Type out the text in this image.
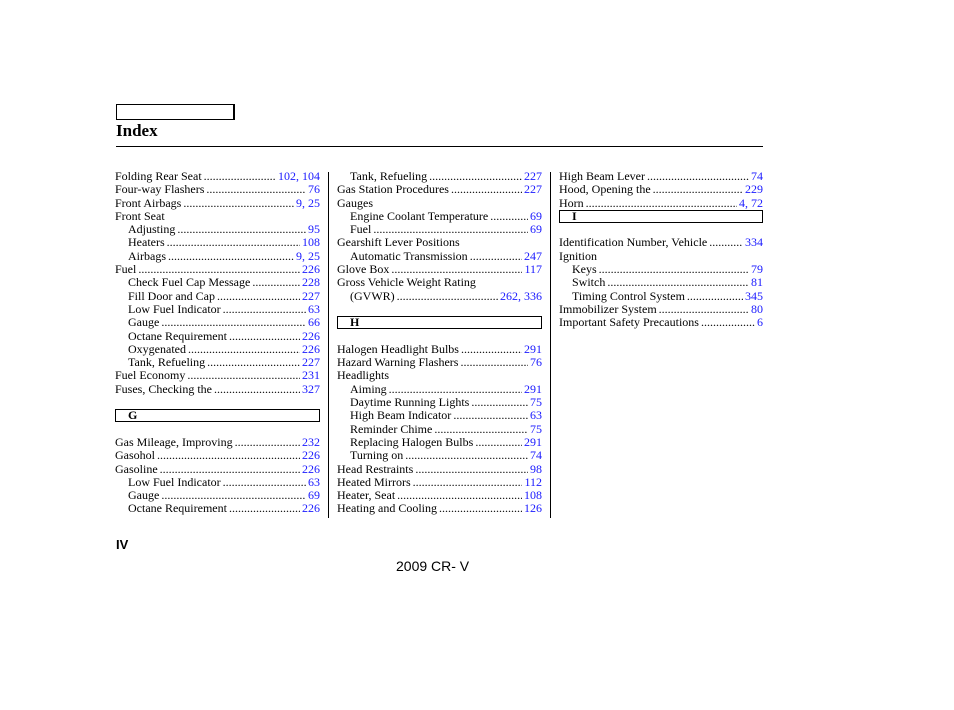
Index
Folding Rear Seat .....	102, 104
Four-way Flashers .....	76
Front Airbags .....	9, 25
Front Seat
Adjusting .....	95
Heaters .....	108
Airbags .....	9, 25
Fuel .....	226
Check Fuel Cap Message .....	228
Fill Door and Cap .....	227
Low Fuel Indicator .....	63
Gauge .....	66
Octane Requirement .....	226
Oxygenated .....	226
Tank, Refueling .....	227
Fuel Economy .....	231
Fuses, Checking the .....	327
G
Gas Mileage, Improving .....	232
Gasohol .....	226
Gasoline .....	226
Low Fuel Indicator .....	63
Gauge .....	69
Octane Requirement .....	226
Tank, Refueling .....	227
Gas Station Procedures .....	227
Gauges
Engine Coolant Temperature .....	69
Fuel .....	69
Gearshift Lever Positions
Automatic Transmission .....	247
Glove Box .....	117
Gross Vehicle Weight Rating
(GVWR) .....	262, 336
H
Halogen Headlight Bulbs .....	291
Hazard Warning Flashers .....	76
Headlights
Aiming .....	291
Daytime Running Lights .....	75
High Beam Indicator .....	63
Reminder Chime .....	75
Replacing Halogen Bulbs .....	291
Turning on .....	74
Head Restraints .....	98
Heated Mirrors .....	112
Heater, Seat .....	108
Heating and Cooling .....	126
High Beam Lever .....	74
Hood, Opening the .....	229
Horn .....	4, 72
I
Identification Number, Vehicle .....	334
Ignition
Keys .....	79
Switch .....	81
Timing Control System .....	345
Immobilizer System .....	80
Important Safety Precautions .....	6
IV
2009 CR- V
